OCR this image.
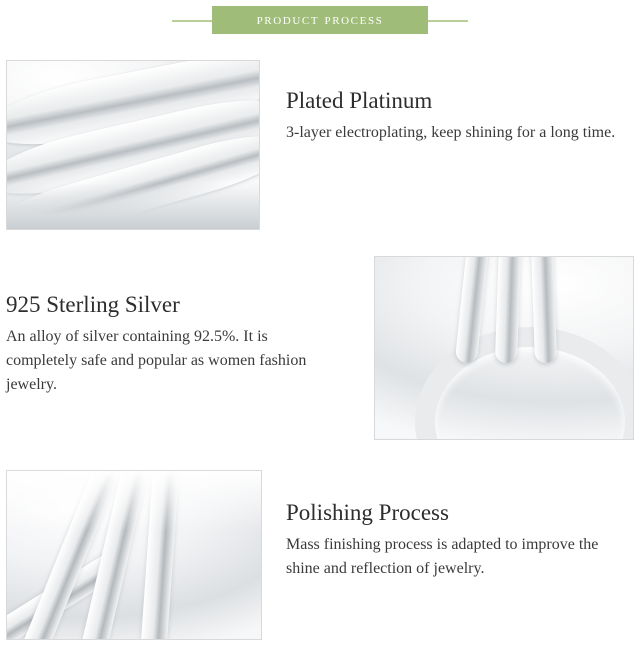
product process
Plated Platinum

3-layer electroplating, keep shining for a long time.

925 Sterling Silver

An alloy of silver containing 92.5%. It is completely safe and popular as women fashion jewelry.

Polishing Process

Mass finishing process is adapted to improve the shine and reflection of jewelry.
